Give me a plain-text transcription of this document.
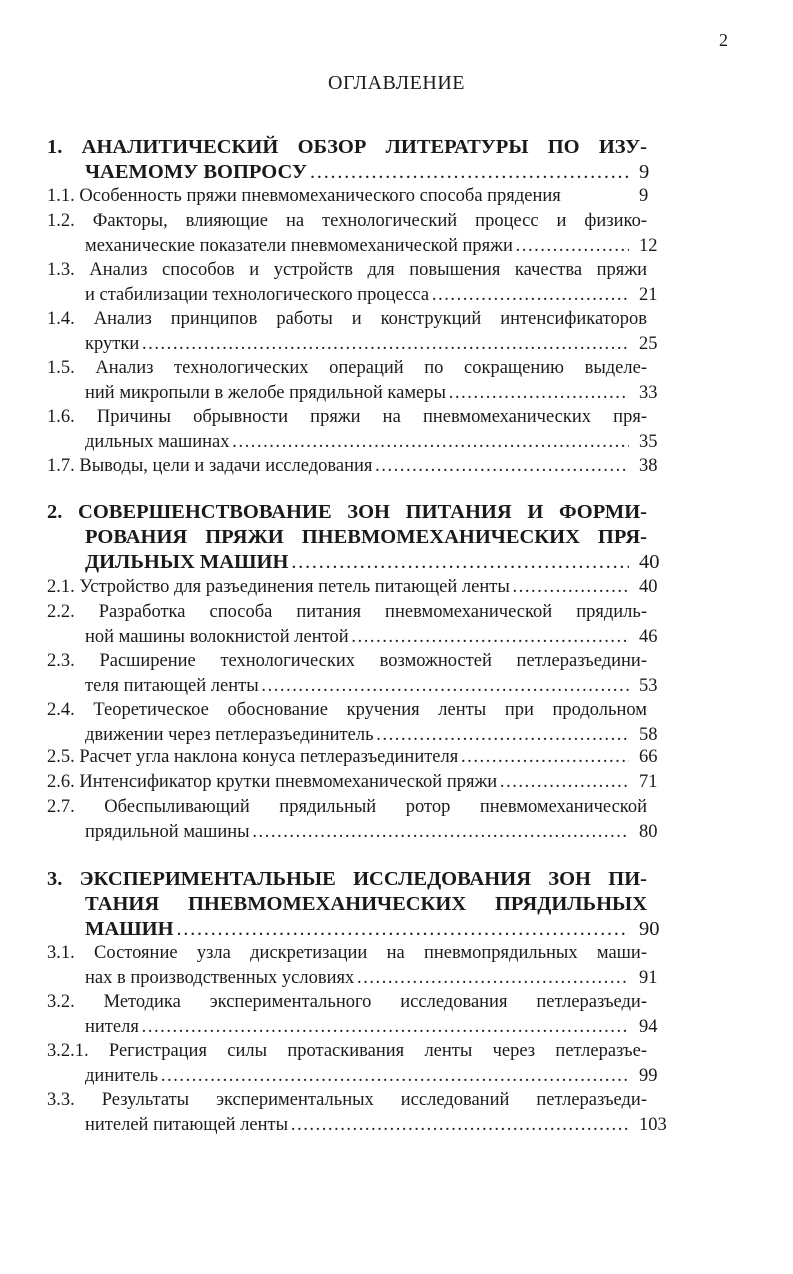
2
ОГЛАВЛЕНИЕ
1. АНАЛИТИЧЕСКИЙ ОБЗОР ЛИТЕРАТУРЫ ПО ИЗУ-
ЧАЕМОМУ ВОПРОСУ ………………………………………………………………………………………………………………………………………………	9
1.1. Особенность пряжи пневмомеханического способа прядения	9
1.2. Факторы, влияющие на технологический процесс и физико-
механические показатели пневмомеханической пряжи ………………………………………………………………………………………………………………………………………………	12
1.3. Анализ способов и устройств для повышения качества пряжи
и стабилизации технологического процесса ………………………………………………………………………………………………………………………………………………	21
1.4. Анализ принципов работы и конструкций интенсификаторов
крутки ………………………………………………………………………………………………………………………………………………	25
1.5. Анализ технологических операций по сокращению выделе-
ний микропыли в желобе прядильной камеры ………………………………………………………………………………………………………………………………………………	33
1.6. Причины обрывности пряжи на пневмомеханических пря-
дильных машинах ………………………………………………………………………………………………………………………………………………	35
1.7. Выводы, цели и задачи исследования ………………………………………………………………………………………………………………………………………………	38
2. СОВЕРШЕНСТВОВАНИЕ ЗОН ПИТАНИЯ И ФОРМИ-
РОВАНИЯ ПРЯЖИ ПНЕВМОМЕХАНИЧЕСКИХ ПРЯ-
ДИЛЬНЫХ МАШИН ………………………………………………………………………………………………………………………………………………	40
2.1. Устройство для разъединения петель питающей ленты ………………………………………………………………………………………………………………………………………………	40
2.2. Разработка способа питания пневмомеханической прядиль-
ной машины волокнистой лентой ………………………………………………………………………………………………………………………………………………	46
2.3. Расширение технологических возможностей петлеразъедини-
теля питающей ленты ………………………………………………………………………………………………………………………………………………	53
2.4. Теоретическое обоснование кручения ленты при продольном
движении через петлеразъединитель ………………………………………………………………………………………………………………………………………………	58
2.5. Расчет угла наклона конуса петлеразъединителя ………………………………………………………………………………………………………………………………………………	66
2.6. Интенсификатор крутки пневмомеханической пряжи ………………………………………………………………………………………………………………………………………………	71
2.7. Обеспыливающий прядильный ротор пневмомеханической
прядильной машины ………………………………………………………………………………………………………………………………………………	80
3. ЭКСПЕРИМЕНТАЛЬНЫЕ ИССЛЕДОВАНИЯ ЗОН ПИ-
ТАНИЯ ПНЕВМОМЕХАНИЧЕСКИХ ПРЯДИЛЬНЫХ
МАШИН ………………………………………………………………………………………………………………………………………………	90
3.1. Состояние узла дискретизации на пневмопрядильных маши-
нах в производственных условиях ………………………………………………………………………………………………………………………………………………	91
3.2. Методика экспериментального исследования петлеразъеди-
нителя ………………………………………………………………………………………………………………………………………………	94
3.2.1. Регистрация силы протаскивания ленты через петлеразъе-
динитель ………………………………………………………………………………………………………………………………………………	99
3.3. Результаты экспериментальных исследований петлеразъеди-
нителей питающей ленты ………………………………………………………………………………………………………………………………………………	103
